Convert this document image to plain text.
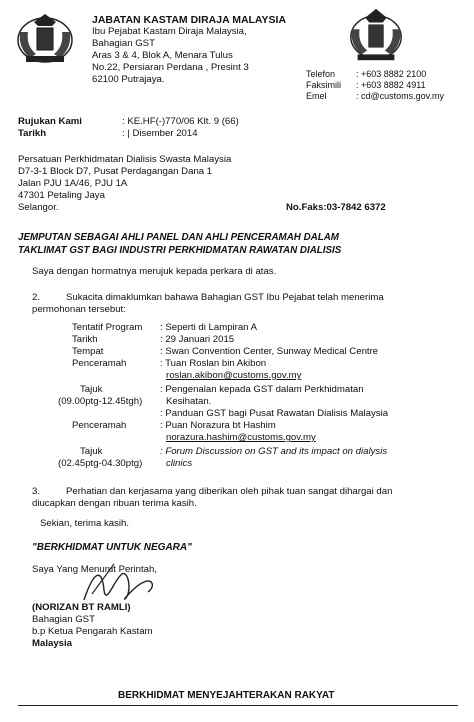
JABATAN KASTAM DIRAJA MALAYSIA
Ibu Pejabat Kastam Diraja Malaysia,
Bahagian GST
Aras 3 & 4, Blok A, Menara Tulus
No.22, Persiaran Perdana , Presint 3
62100 Putrajaya.	Telefon : +603 8882 2100
Faksimili : +603 8882 4911
Emel	: cd@customs.gov.my
Rujukan Kami	: KE.HF(-)770/06 Klt. 9 (66)
Tarikh	: | Disember 2014
Persatuan Perkhidmatan Dialisis Swasta Malaysia
D7-3-1 Block D7, Pusat Perdagangan Dana 1
Jalan PJU 1A/46, PJU 1A
47301 Petaling Jaya
Selangor.	No.Faks:03-7842 6372
JEMPUTAN SEBAGAI AHLI PANEL DAN AHLI PENCERAMAH DALAM
TAKLIMAT GST BAGI INDUSTRI PERKHIDMATAN RAWATAN DIALISIS
Saya dengan hormatnya merujuk kepada perkara di atas.
2.	Sukacita dimaklumkan bahawa Bahagian GST Ibu Pejabat telah menerima
permohonan tersebut:
Tentatif Program : Seperti di Lampiran A
Tarikh	: 29 Januari 2015
Tempat	: Swan Convention Center, Sunway Medical Centre
Penceramah	: Tuan Roslan bin Akibon
roslan.akibon@customs.gov.my
Tajuk	: Pengenalan kepada GST dalam Perkhidmatan
(09.00ptg-12.45tgh) Kesihatan.
: Panduan GST bagi Pusat Rawatan Dialisis Malaysia
Penceramah	: Puan Norazura bt Hashim
norazura.hashim@customs.gov.my
Tajuk	: Forum Discussion on GST and its impact on dialysis
(02.45ptg-04.30ptg) clinics
3.	Perhatian dan kerjasama yang diberikan oleh pihak tuan sangat dihargai dan
diucapkan dengan ribuan terima kasih.
Sekian, terima kasih.
"BERKHIDMAT UNTUK NEGARA"
Saya Yang Menurut Perintah,
(NORIZAN BT RAMLI)
Bahagian GST
b.p Ketua Pengarah Kastam
Malaysia
BERKHIDMAT MENYEJAHTERAKAN RAKYAT
